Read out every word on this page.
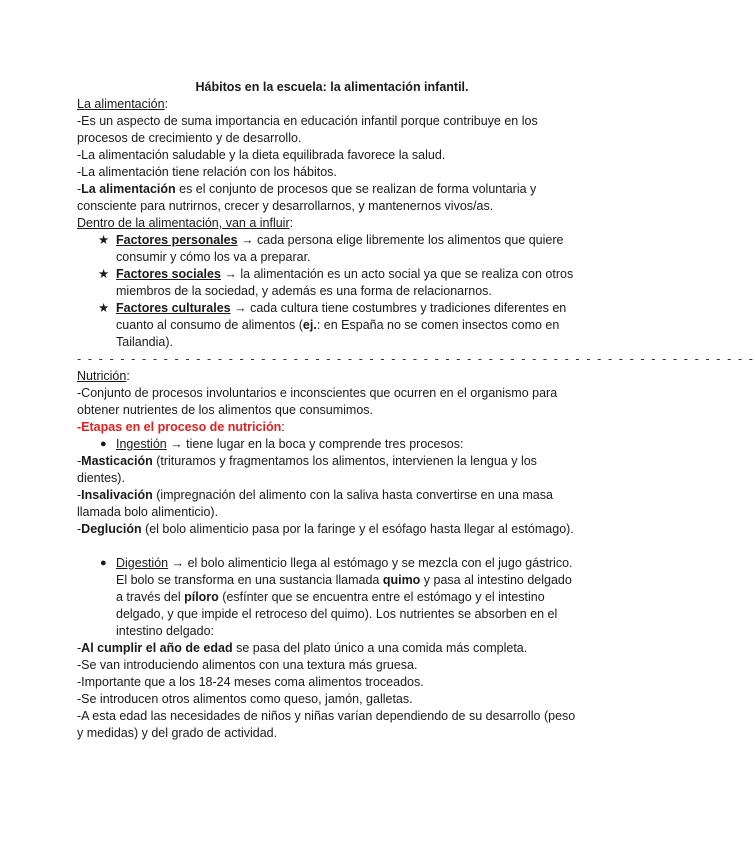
Hábitos en la escuela: la alimentación infantil.

La alimentación:

-Es un aspecto de suma importancia en educación infantil porque contribuye en los procesos de crecimiento y de desarrollo.

-La alimentación saludable y la dieta equilibrada favorece la salud.

-La alimentación tiene relación con los hábitos.

-La alimentación es el conjunto de procesos que se realizan de forma voluntaria y consciente para nutrirnos, crecer y desarrollarnos, y mantenernos vivos/as.

Dentro de la alimentación, van a influir:

★ Factores personales → cada persona elige libremente los alimentos que quiere consumir y cómo los va a preparar.
★ Factores sociales → la alimentación es un acto social ya que se realiza con otros miembros de la sociedad, y además es una forma de relacionarnos.
★ Factores culturales → cada cultura tiene costumbres y tradiciones diferentes en cuanto al consumo de alimentos (ej.: en España no se comen insectos como en Tailandia).

- - - - - - - - - - - - - - - - - - - - - - - - - - - - - - - - - - - - - - - - - - - - - - - - - - - - - - - - - - - - - - -

Nutrición:

-Conjunto de procesos involuntarios e inconscientes que ocurren en el organismo para obtener nutrientes de los alimentos que consumimos.

-Etapas en el proceso de nutrición:

● Ingestión → tiene lugar en la boca y comprende tres procesos:

-Masticación (trituramos y fragmentamos los alimentos, intervienen la lengua y los dientes).

-Insalivación (impregnación del alimento con la saliva hasta convertirse en una masa llamada bolo alimenticio).

-Deglución (el bolo alimenticio pasa por la faringe y el esófago hasta llegar al estómago).

● Digestión → el bolo alimenticio llega al estómago y se mezcla con el jugo gástrico. El bolo se transforma en una sustancia llamada quimo y pasa al intestino delgado a través del píloro (esfínter que se encuentra entre el estómago y el intestino delgado, y que impide el retroceso del quimo). Los nutrientes se absorben en el intestino delgado:

-Al cumplir el año de edad se pasa del plato único a una comida más completa.

-Se van introduciendo alimentos con una textura más gruesa.

-Importante que a los 18-24 meses coma alimentos troceados.

-Se introducen otros alimentos como queso, jamón, galletas.

-A esta edad las necesidades de niños y niñas varían dependiendo de su desarrollo (peso y medidas) y del grado de actividad.
